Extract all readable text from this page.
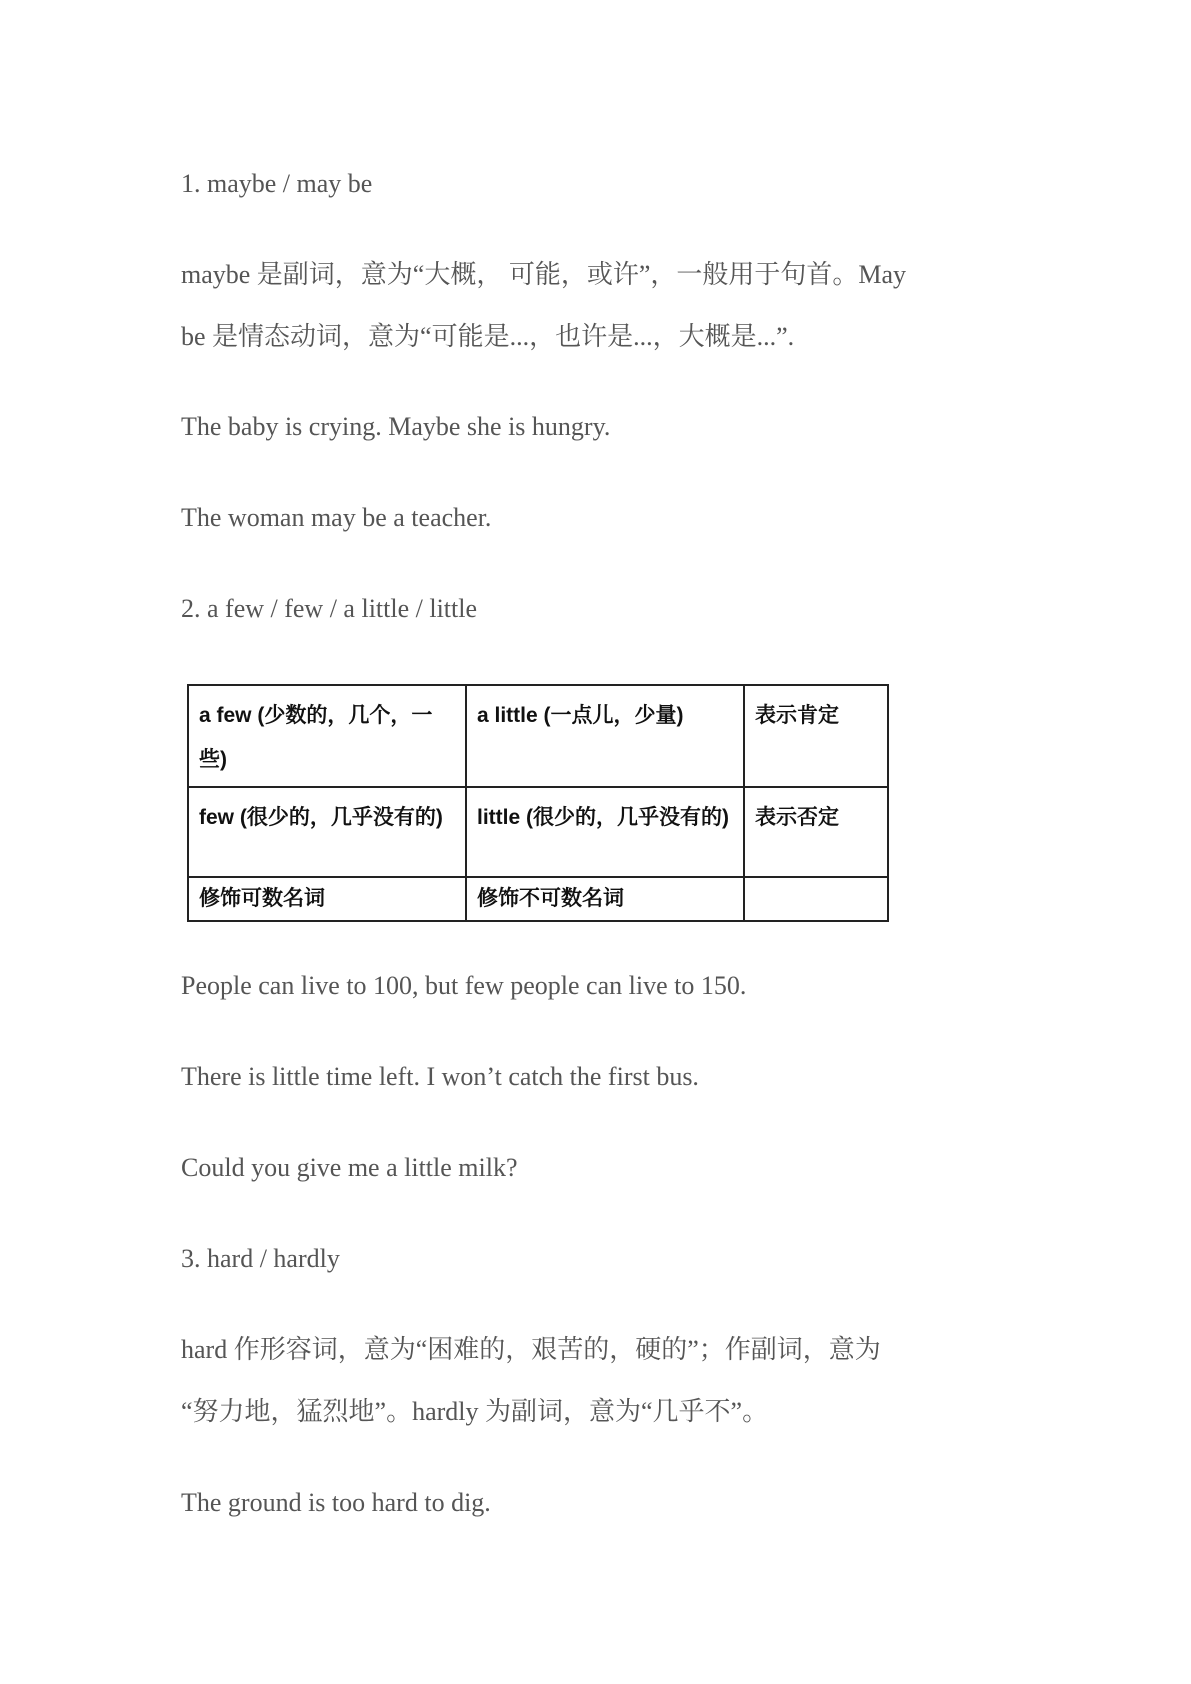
1. maybe / may be

maybe 是副词，意为“大概， 可能，或许”，一般用于句首。May

be 是情态动词，意为“可能是...，也许是...，大概是...”.

The baby is crying. Maybe she is hungry.

The woman may be a teacher.

2. a few / few / a little / little

a few (少数的，几个，一些)	a little (一点儿，少量)	表示肯定
few (很少的，几乎没有的)	little (很少的，几乎没有的)	表示否定
修饰可数名词	修饰不可数名词	

People can live to 100, but few people can live to 150.

There is little time left. I won’t catch the first bus.

Could you give me a little milk?

3. hard / hardly

hard 作形容词，意为“困难的，艰苦的，硬的”；作副词，意为

“努力地，猛烈地”。hardly 为副词，意为“几乎不”。

The ground is too hard to dig.
